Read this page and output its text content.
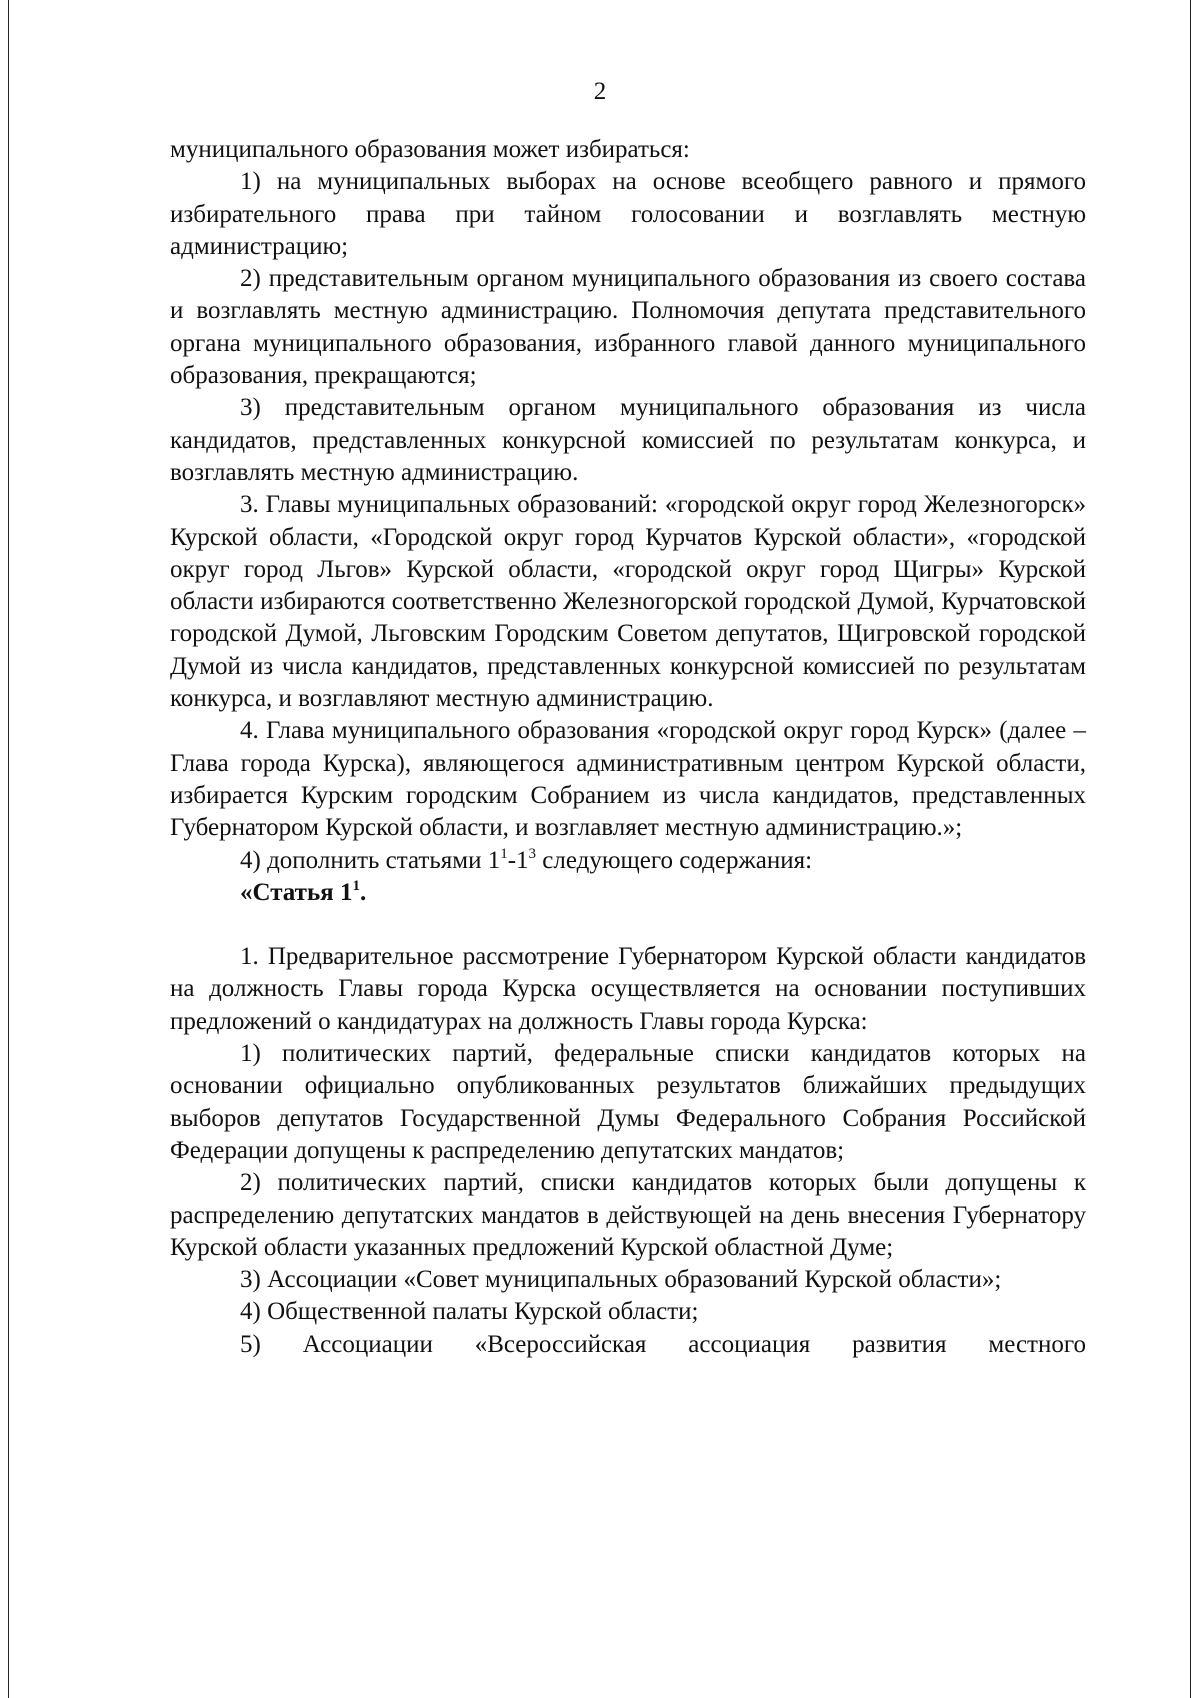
2

муниципального образования может избираться:

1) на муниципальных выборах на основе всеобщего равного и прямого избирательного права при тайном голосовании и возглавлять местную администрацию;

2) представительным органом муниципального образования из своего состава и возглавлять местную администрацию. Полномочия депутата представительного органа муниципального образования, избранного главой данного муниципального образования, прекращаются;

3) представительным органом муниципального образования из числа кандидатов, представленных конкурсной комиссией по результатам конкурса, и возглавлять местную администрацию.

3. Главы муниципальных образований: «городской округ город Железногорск» Курской области, «Городской округ город Курчатов Курской области», «городской округ город Льгов» Курской области, «городской округ город Щигры» Курской области избираются соответственно Железногорской городской Думой, Курчатовской городской Думой, Льговским Городским Советом депутатов, Щигровской городской Думой из числа кандидатов, представленных конкурсной комиссией по результатам конкурса, и возглавляют местную администрацию.

4. Глава муниципального образования «городской округ город Курск» (далее – Глава города Курска), являющегося административным центром Курской области, избирается Курским городским Собранием из числа кандидатов, представленных Губернатором Курской области, и возглавляет местную администрацию.»;

4) дополнить статьями $1^1-1^3$ следующего содержания:

«Статья $1^1$.

1. Предварительное рассмотрение Губернатором Курской области кандидатов на должность Главы города Курска осуществляется на основании поступивших предложений о кандидатурах на должность Главы города Курска:

1) политических партий, федеральные списки кандидатов которых на основании официально опубликованных результатов ближайших предыдущих выборов депутатов Государственной Думы Федерального Собрания Российской Федерации допущены к распределению депутатских мандатов;

2) политических партий, списки кандидатов которых были допущены к распределению депутатских мандатов в действующей на день внесения Губернатору Курской области указанных предложений Курской областной Думе;

3) Ассоциации «Совет муниципальных образований Курской области»;

4) Общественной палаты Курской области;

5) Ассоциации «Всероссийская ассоциация развития местного
